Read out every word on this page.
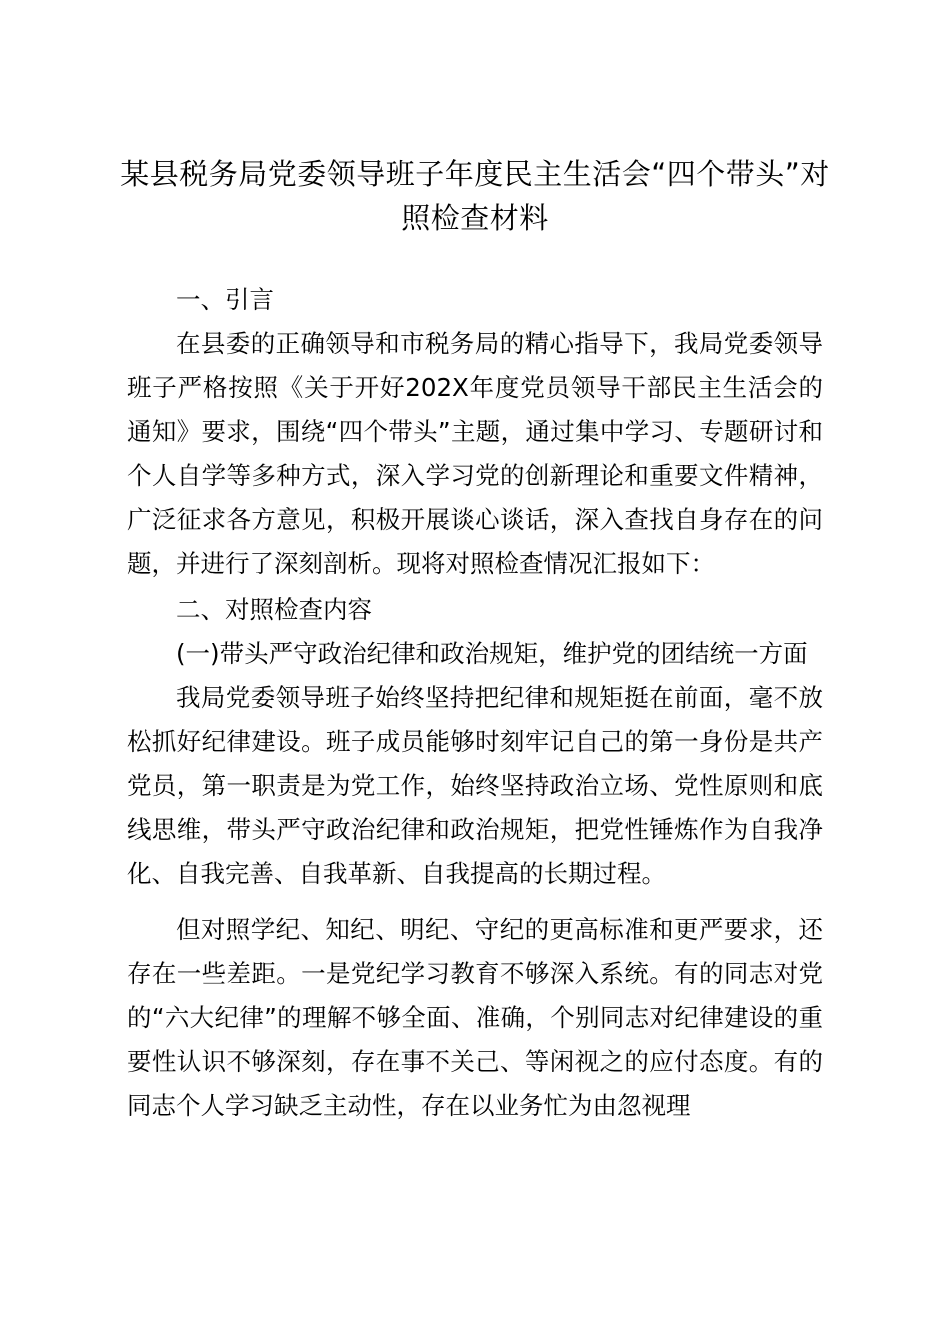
某县税务局党委领导班子年度民主生活会“四个带头”对照检查材料

一、引言

在县委的正确领导和市税务局的精心指导下，我局党委领导班子严格按照《关于开好202X年度党员领导干部民主生活会的通知》要求，围绕“四个带头”主题，通过集中学习、专题研讨和个人自学等多种方式，深入学习党的创新理论和重要文件精神，广泛征求各方意见，积极开展谈心谈话，深入查找自身存在的问题，并进行了深刻剖析。现将对照检查情况汇报如下：

二、对照检查内容

(一)带头严守政治纪律和政治规矩，维护党的团结统一方面

我局党委领导班子始终坚持把纪律和规矩挺在前面，毫不放松抓好纪律建设。班子成员能够时刻牢记自己的第一身份是共产党员，第一职责是为党工作，始终坚持政治立场、党性原则和底线思维，带头严守政治纪律和政治规矩，把党性锤炼作为自我净化、自我完善、自我革新、自我提高的长期过程。

但对照学纪、知纪、明纪、守纪的更高标准和更严要求，还存在一些差距。一是党纪学习教育不够深入系统。有的同志对党的“六大纪律”的理解不够全面、准确，个别同志对纪律建设的重要性认识不够深刻，存在事不关己、等闲视之的应付态度。有的同志个人学习缺乏主动性，存在以业务忙为由忽视理
